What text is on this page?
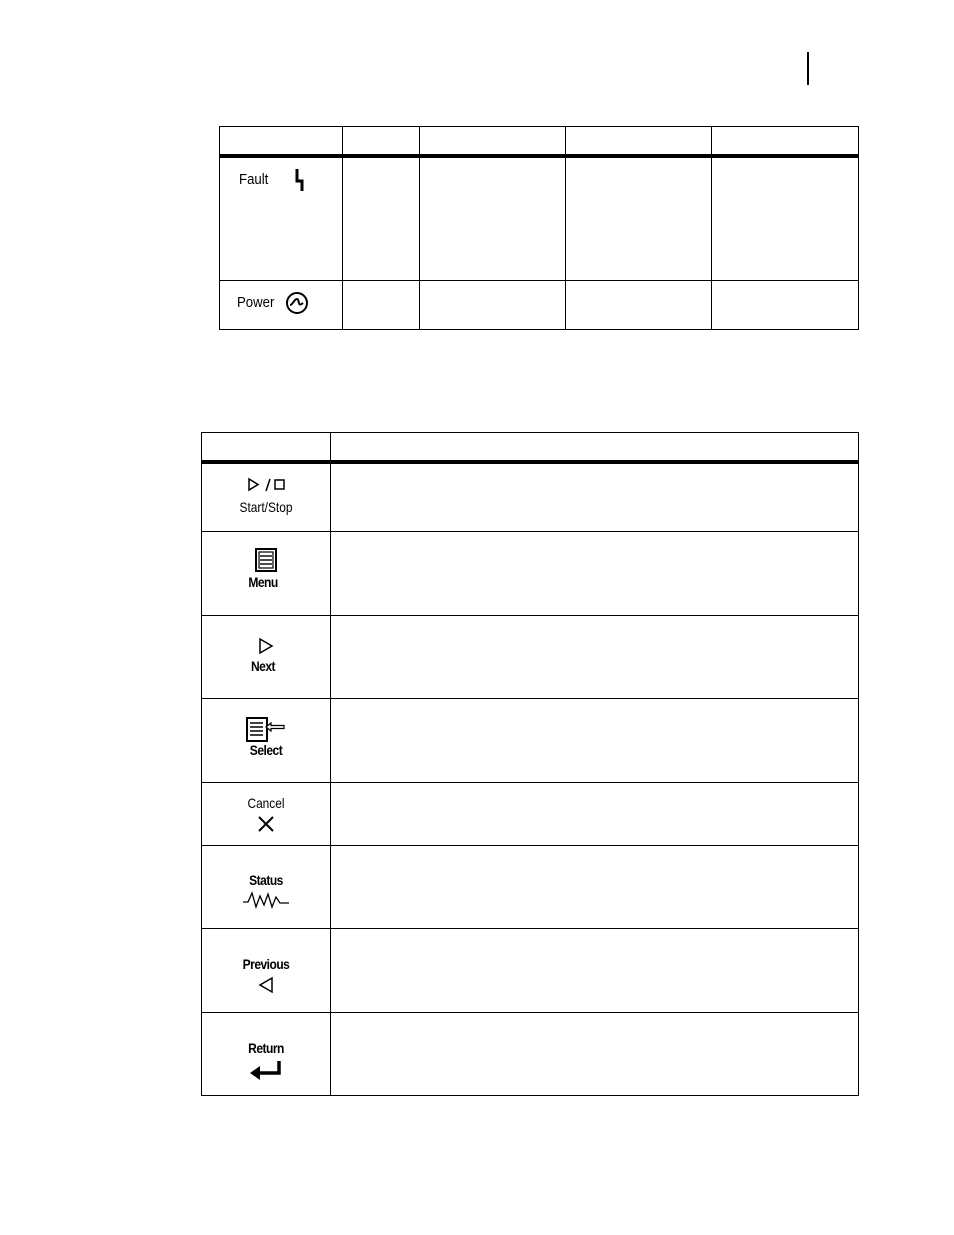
Fault				

Power				

Start/Stop	

Menu	

Next	

Select	

Cancel	

Status	

Previous	

Return	
